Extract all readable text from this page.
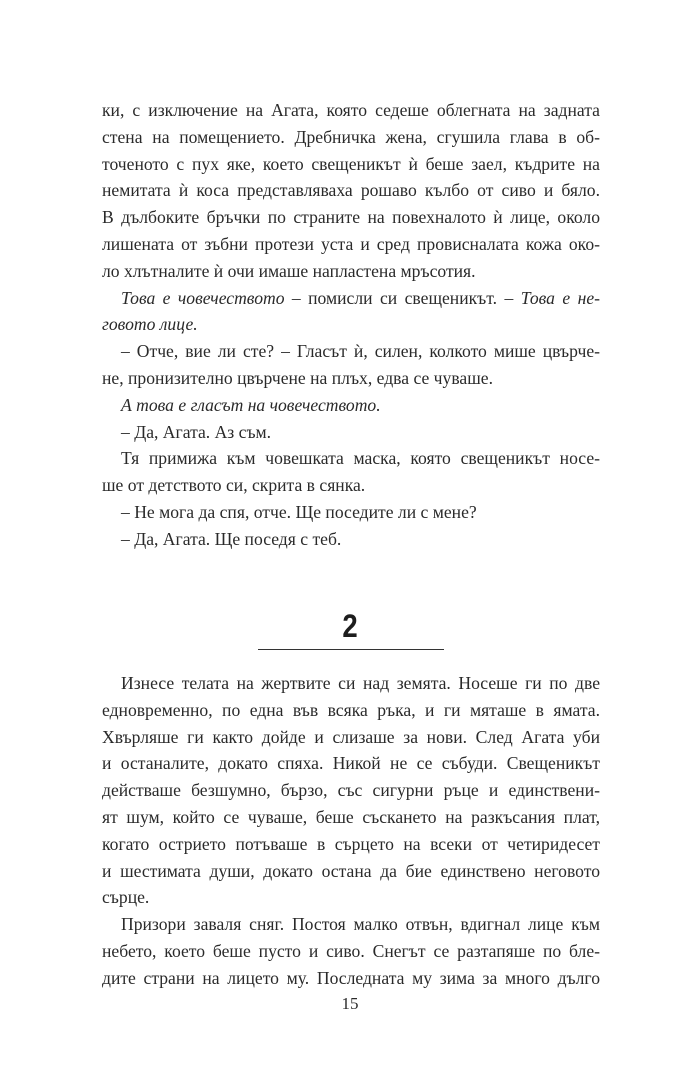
ки, с изключение на Агата, която седеше облегната на задната
стена на помещението. Дребничка жена, сгушила глава в об-
точеното с пух яке, което свещеникът ѝ беше заел, къдрите на
немитата ѝ коса представляваха рошаво кълбо от сиво и бяло.
В дълбоките бръчки по страните на повехналото ѝ лице, около
лишената от зъбни протези уста и сред провисналата кожа око-
ло хлътналите ѝ очи имаше напластена мръсотия.
Това е човечеството – помисли си свещеникът. – Това е не-
говото лице.
– Отче, вие ли сте? – Гласът ѝ, силен, колкото мише цвърче-
не, пронизително цвърчене на плъх, едва се чуваше.
А това е гласът на човечеството.
– Да, Агата. Аз съм.
Тя примижа към човешката маска, която свещеникът носе-
ше от детството си, скрита в сянка.
– Не мога да спя, отче. Ще поседите ли с мене?
– Да, Агата. Ще поседя с теб.
2
Изнесе телата на жертвите си над земята. Носеше ги по две
едновременно, по една във всяка ръка, и ги мяташе в ямата.
Хвърляше ги както дойде и слизаше за нови. След Агата уби
и останалите, докато спяха. Никой не се събуди. Свещеникът
действаше безшумно, бързо, със сигурни ръце и единствени-
ят шум, който се чуваше, беше съскането на разкъсания плат,
когато острието потъваше в сърцето на всеки от четиридесет
и шестимата души, докато остана да бие единствено неговото
сърце.
Призори заваля сняг. Постоя малко отвън, вдигнал лице към
небето, което беше пусто и сиво. Снегът се разтапяше по бле-
дите страни на лицето му. Последната му зима за много дълго
15
